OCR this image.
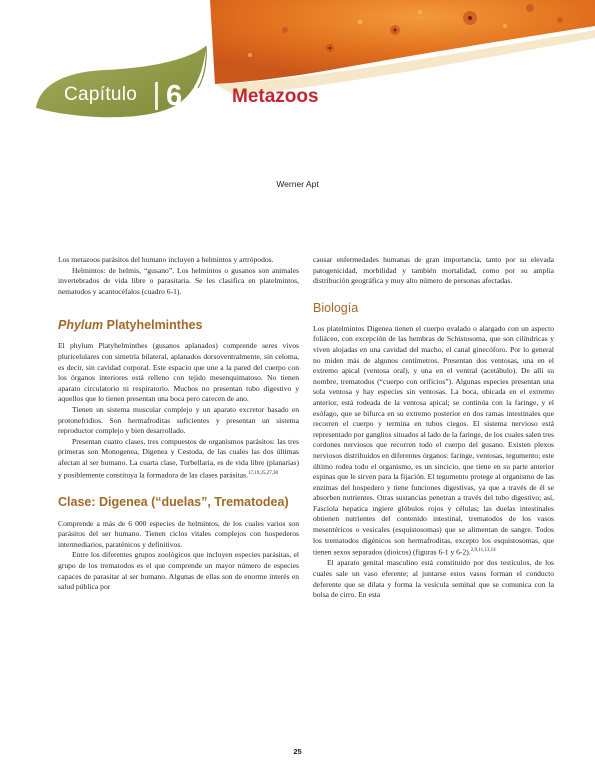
Capítulo 6	Metazoos
Werner Apt

Los metazoos parásitos del humano incluyen a helmintos y artrópodos.

Helmintos: de helmis, “gusano”. Los helmintos o gusanos son animales invertebrados de vida libre o parasitaria. Se les clasifica en platelmintos, nematodos y acantocéfalos (cuadro 6-1).

Phylum Platyhelminthes

El phylum Platyhelminthes (gusanos aplanados) comprende seres vivos pluricelulares con simetría bilateral, aplanados dorsoventralmente, sin celoma, es decir, sin cavidad corporal. Este espacio que une a la pared del cuerpo con los órganos interiores está relleno con tejido mesenquimatoso. No tienen aparato circulatorio ni respiratorio. Muchos no presentan tubo digestivo y aquellos que lo tienen presentan una boca pero carecen de ano.

Tienen un sistema muscular complejo y un aparato excretor basado en protonefridios. Son hermafroditas suficientes y presentan un sistema reproductor complejo y bien desarrollado.

Presentan cuatro clases, tres compuestos de organismos parásitos: las tres primeras son Monogenea, Digenea y Cestoda, de las cuales las dos últimas afectan al ser humano. La cuarta clase, Turbellaria, es de vida libre (planarias) y posiblemente constituya la formadora de las clases parásitas.$^{17,19,25,27,30}$

Clase: Digenea (“duelas”, Trematodea)

Comprende a más de 6 000 especies de helmintos, de los cuales varios son parásitos del ser humano. Tienen ciclos vitales complejos con hospederos intermediarios, paraténicos y definitivos.

Entre los diferentes grupos zoológicos que incluyen especies parásitas, el grupo de los trematodos es el que comprende un mayor número de especies capaces de parasitar al ser humano. Algunas de ellas son de enorme interés en salud pública por

causar enfermedades humanas de gran importancia, tanto por su elevada patogenicidad, morbilidad y también mortalidad, como por su amplia distribución geográfica y muy alto número de personas afectadas.

Biología

Los platelmintos Digenea tienen el cuerpo ovalado o alargado con un aspecto foliáceo, con excepción de las hembras de Schistosoma, que son cilíndricas y viven alojadas en una cavidad del macho, el canal ginecóforo. Por lo general no miden más de algunos centímetros. Presentan dos ventosas, una en el extremo apical (ventosa oral), y una en el ventral (acetábulo). De allí su nombre, trematodos (“cuerpo con orificios”). Algunas especies presentan una sola ventosa y hay especies sin ventosas. La boca, ubicada en el extremo anterior, está rodeada de la ventosa apical; se continúa con la faringe, y el esófago, que se bifurca en su extremo posterior en dos ramas intestinales que recorren el cuerpo y termina en tubos ciegos. El sistema nervioso está representado por ganglios situados al lado de la faringe, de los cuales salen tres cordones nerviosos que recorren todo el cuerpo del gusano. Existen plexos nerviosos distribuidos en diferentes órganos: faringe, ventosas, tegumento; este último rodea todo el organismo, es un sincicio, que tiene en su parte anterior espinas que le sirven para la fijación. El tegumento protege al organismo de las enzimas del hospedero y tiene funciones digestivas, ya que a través de él se absorben nutrientes. Otras sustancias penetran a través del tubo digestivo; así, Fasciola hepatica ingiere glóbulos rojos y células; las duelas intestinales obtienen nutrientes del contenido intestinal, trematodos de los vasos mesentéricos o vesicales (esquistosomas) que se alimentan de sangre. Todos los trematodos digénicos son hermafroditas, excepto los esquistosomas, que tienen sexos separados (dioicos) (figuras 6-1 y 6-2).$^{2,9,11,13,14}$

El aparato genital masculino está constituido por dos testículos, de los cuales sale un vaso eferente; al juntarse estos vasos forman el conducto deferente que se dilata y forma la vesícula seminal que se comunica con la bolsa de cirro. En esta

25
